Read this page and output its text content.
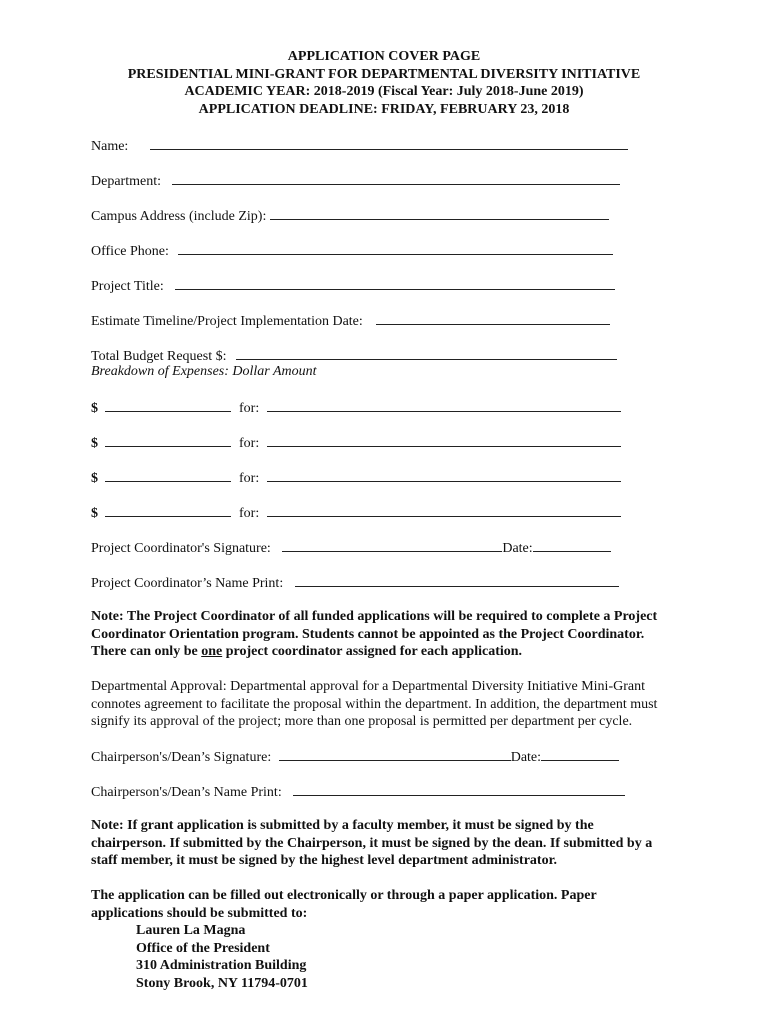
APPLICATION COVER PAGE
PRESIDENTIAL MINI-GRANT FOR DEPARTMENTAL DIVERSITY INITIATIVE
ACADEMIC YEAR: 2018-2019 (Fiscal Year: July 2018-June 2019)
APPLICATION DEADLINE: FRIDAY, FEBRUARY 23, 2018
Name:
Department:
Campus Address (include Zip):
Office Phone:
Project Title:
Estimate Timeline/Project Implementation Date:
Total Budget Request $:
Breakdown of Expenses: Dollar Amount
$	for:
$	for:
$	for:
$	for:
Project Coordinator's Signature:	Date:
Project Coordinator’s Name Print:
Note: The Project Coordinator of all funded applications will be required to complete a Project
Coordinator Orientation program. Students cannot be appointed as the Project Coordinator.
There can only be one project coordinator assigned for each application.
Departmental Approval: Departmental approval for a Departmental Diversity Initiative Mini-Grant
connotes agreement to facilitate the proposal within the department. In addition, the department must
signify its approval of the project; more than one proposal is permitted per department per cycle.
Chairperson's/Dean’s Signature:	Date:
Chairperson's/Dean’s Name Print:
Note: If grant application is submitted by a faculty member, it must be signed by the
chairperson. If submitted by the Chairperson, it must be signed by the dean. If submitted by a
staff member, it must be signed by the highest level department administrator.
The application can be filled out electronically or through a paper application. Paper
applications should be submitted to:
Lauren La Magna
Office of the President
310 Administration Building
Stony Brook, NY 11794-0701
